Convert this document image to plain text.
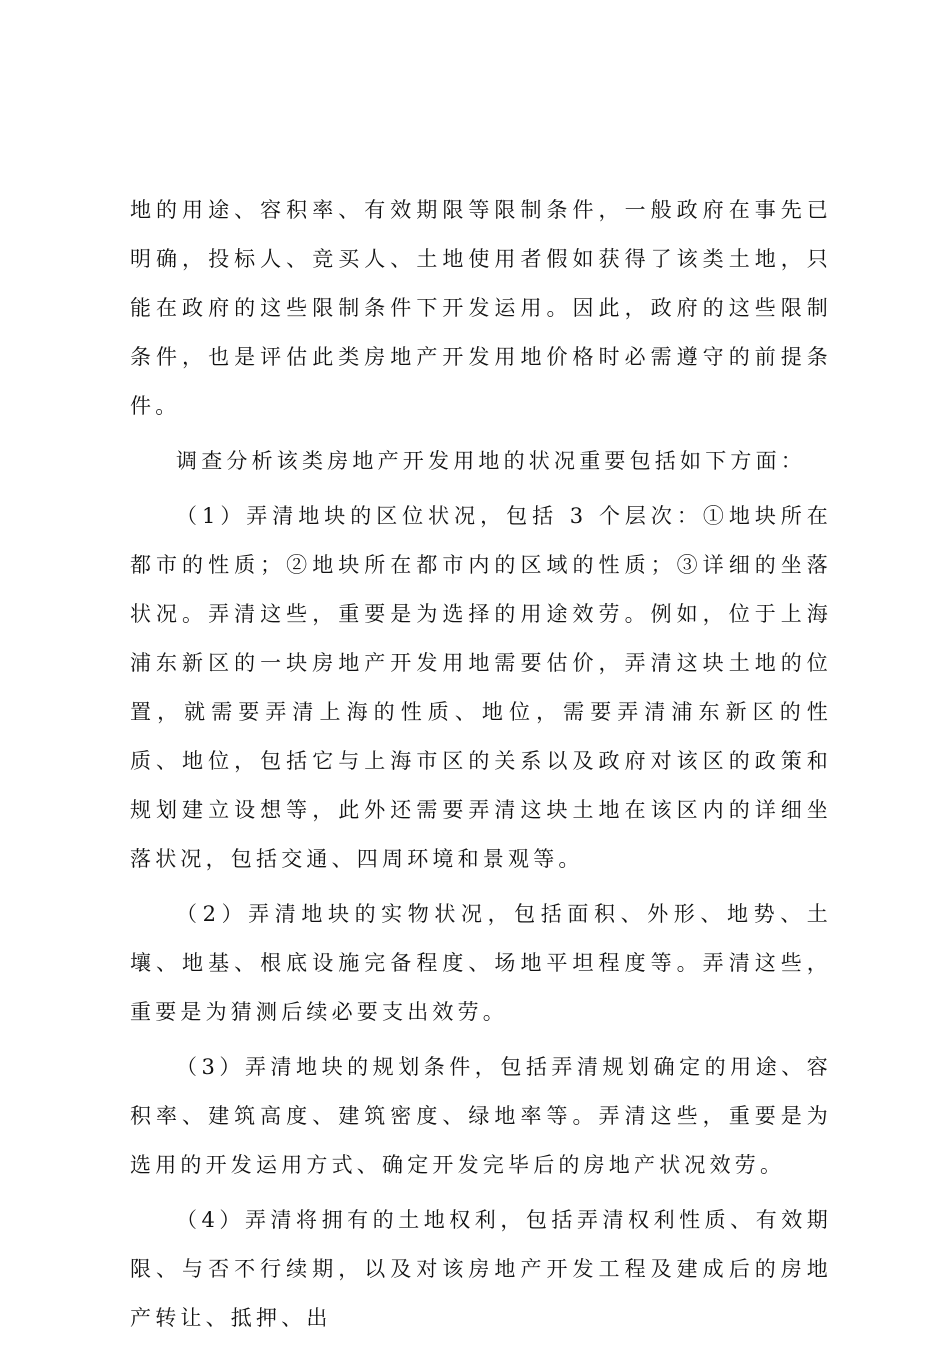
地的用途、容积率、有效期限等限制条件，一般政府在事先已明确，投标人、竞买人、土地使用者假如获得了该类土地，只能在政府的这些限制条件下开发运用。因此，政府的这些限制条件，也是评估此类房地产开发用地价格时必需遵守的前提条件。

调查分析该类房地产开发用地的状况重要包括如下方面：

（1）弄清地块的区位状况，包括 3 个层次：①地块所在都市的性质；②地块所在都市内的区域的性质；③详细的坐落状况。弄清这些，重要是为选择的用途效劳。例如，位于上海浦东新区的一块房地产开发用地需要估价，弄清这块土地的位置，就需要弄清上海的性质、地位，需要弄清浦东新区的性质、地位，包括它与上海市区的关系以及政府对该区的政策和规划建立设想等，此外还需要弄清这块土地在该区内的详细坐落状况，包括交通、四周环境和景观等。

（2）弄清地块的实物状况，包括面积、外形、地势、土壤、地基、根底设施完备程度、场地平坦程度等。弄清这些，重要是为猜测后续必要支出效劳。

（3）弄清地块的规划条件，包括弄清规划确定的用途、容积率、建筑高度、建筑密度、绿地率等。弄清这些，重要是为选用的开发运用方式、确定开发完毕后的房地产状况效劳。

（4）弄清将拥有的土地权利，包括弄清权利性质、有效期限、与否不行续期，以及对该房地产开发工程及建成后的房地产转让、抵押、出
